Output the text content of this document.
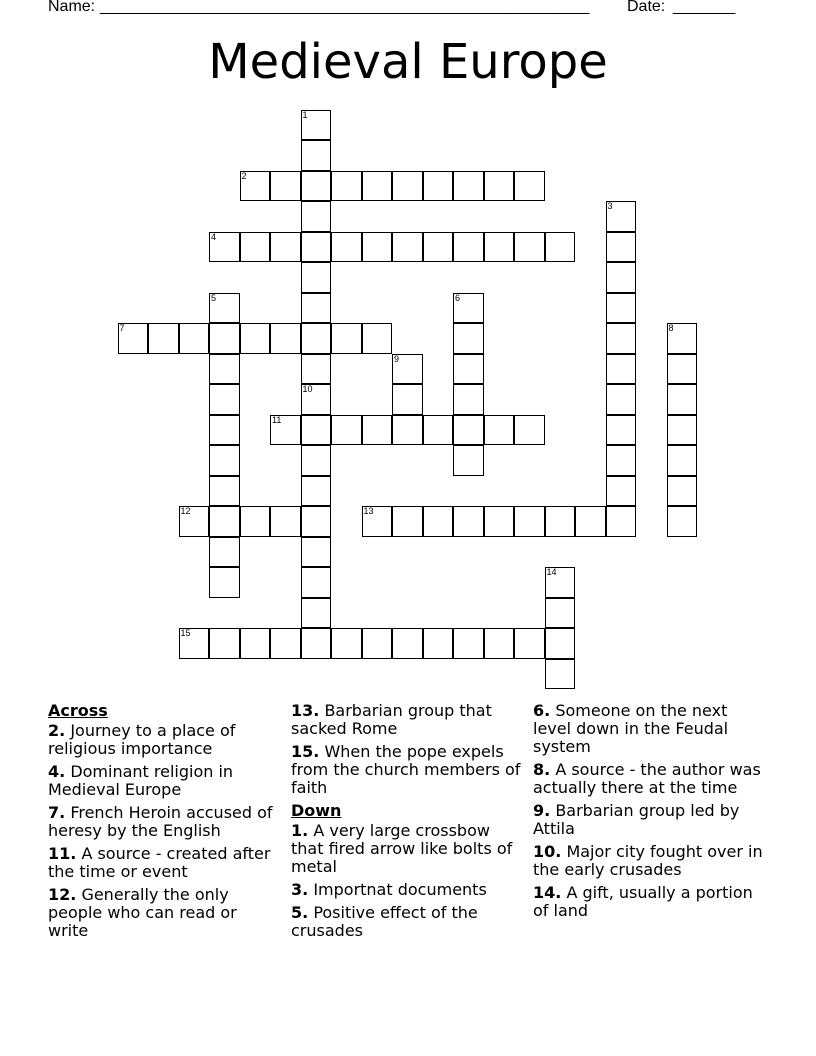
Name: _______________________________________________________ Date: _______
Medieval Europe
1
10
2
3
4
5	6
7	8
9
11
12	13
14
15
Across
2. Journey to a place of religious importance
4. Dominant religion in Medieval Europe
7. French Heroin accused of heresy by the English
11. A source - created after the time or event
12. Generally the only people who can read or write
13. Barbarian group that sacked Rome
15. When the pope expels from the church members of faith
Down
1. A very large crossbow that fired arrow like bolts of metal
3. Importnat documents
5. Positive effect of the crusades
6. Someone on the next level down in the Feudal system
8. A source - the author was actually there at the time
9. Barbarian group led by Attila
10. Major city fought over in the early crusades
14. A gift, usually a portion of land
